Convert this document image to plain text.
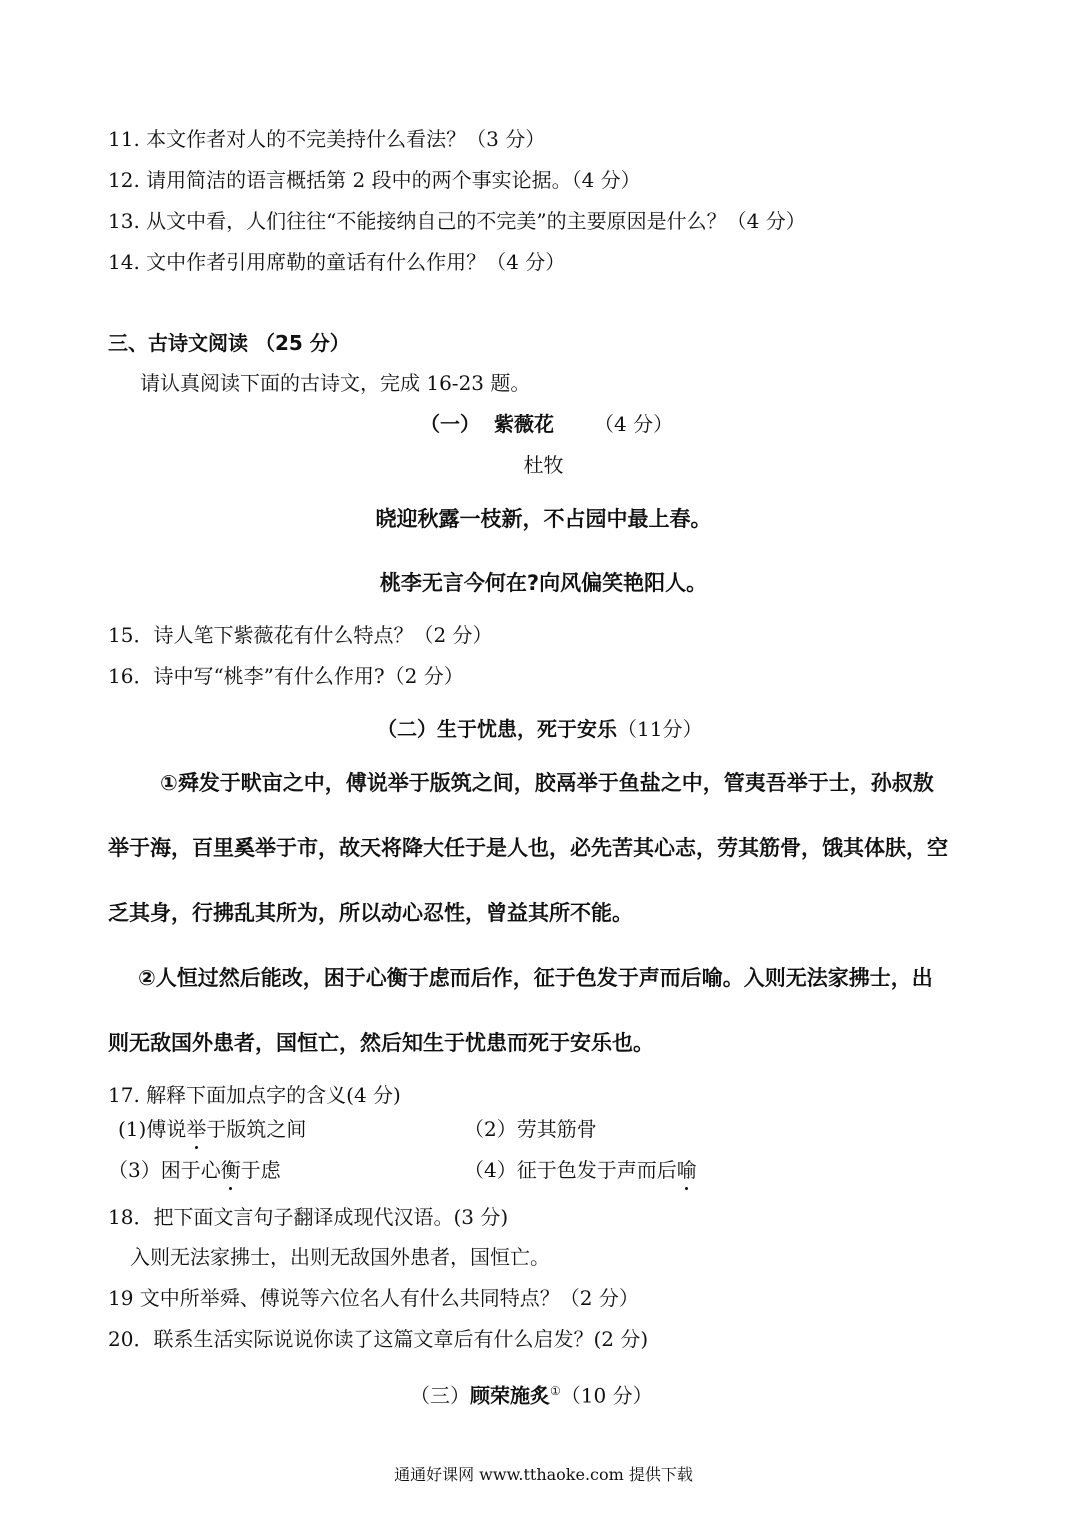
11. 本文作者对人的不完美持什么看法？（3 分）
12. 请用简洁的语言概括第 2 段中的两个事实论据。（4 分）
13. 从文中看，人们往往“不能接纳自己的不完美”的主要原因是什么？（4 分）
14. 文中作者引用席勒的童话有什么作用？（4 分）
三、古诗文阅读 （25 分）
请认真阅读下面的古诗文，完成 16-23 题。
（一） 紫薇花 （4 分）
杜牧
晓迎秋露一枝新，不占园中最上春。
桃李无言今何在?向风偏笑艳阳人。
15．诗人笔下紫薇花有什么特点？（2 分）
16．诗中写“桃李”有什么作用?（2 分）
（二）生于忧患，死于安乐（11分）
①舜发于畎亩之中，傅说举于版筑之间，胶鬲举于鱼盐之中，管夷吾举于士，孙叔敖
举于海，百里奚举于市，故天将降大任于是人也，必先苦其心志，劳其筋骨，饿其体肤，空
乏其身，行拂乱其所为，所以动心忍性，曾益其所不能。
②人恒过然后能改，困于心衡于虑而后作，征于色发于声而后喻。入则无法家拂士，出
则无敌国外患者，国恒亡，然后知生于忧患而死于安乐也。
17. 解释下面加点字的含义(4 分)
(1)傅说举于版筑之间	（2）劳其筋骨
（3）困于心衡于虑	（4）征于色发于声而后喻
18．把下面文言句子翻译成现代汉语。(3 分)
入则无法家拂士，出则无敌国外患者，国恒亡。
19 文中所举舜、傅说等六位名人有什么共同特点？（2 分）
20．联系生活实际说说你读了这篇文章后有什么启发？(2 分)
（三）顾荣施炙①（10 分）
通通好课网 www.tthaoke.com 提供下载
